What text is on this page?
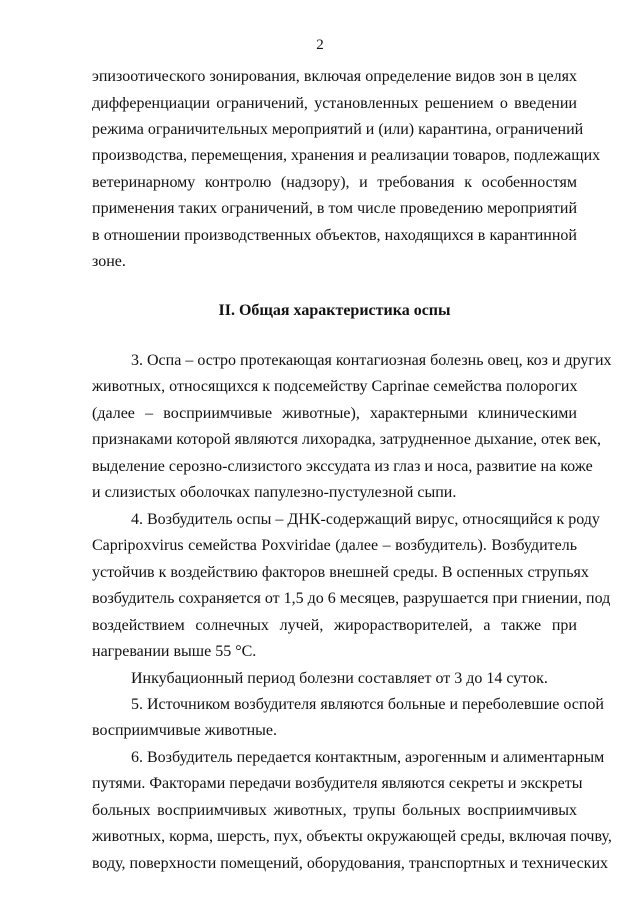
2
эпизоотического зонирования, включая определение видов зон в целях
дифференциации ограничений, установленных решением о введении
режима ограничительных мероприятий и (или) карантина, ограничений
производства, перемещения, хранения и реализации товаров, подлежащих
ветеринарному контролю (надзору), и требования к особенностям
применения таких ограничений, в том числе проведению мероприятий
в отношении производственных объектов, находящихся в карантинной
зоне.
II. Общая характеристика оспы
3. Оспа – остро протекающая контагиозная болезнь овец, коз и других
животных, относящихся к подсемейству Caprinae семейства полорогих
(далее – восприимчивые животные), характерными клиническими
признаками которой являются лихорадка, затрудненное дыхание, отек век,
выделение серозно-слизистого экссудата из глаз и носа, развитие на коже
и слизистых оболочках папулезно-пустулезной сыпи.
4. Возбудитель оспы – ДНК-содержащий вирус, относящийся к роду
Capripoxvirus семейства Poxviridae (далее – возбудитель). Возбудитель
устойчив к воздействию факторов внешней среды. В оспенных струпьях
возбудитель сохраняется от 1,5 до 6 месяцев, разрушается при гниении, под
воздействием солнечных лучей, жирорастворителей, а также при
нагревании выше 55 °С.
Инкубационный период болезни составляет от 3 до 14 суток.
5. Источником возбудителя являются больные и переболевшие оспой
восприимчивые животные.
6. Возбудитель передается контактным, аэрогенным и алиментарным
путями. Факторами передачи возбудителя являются секреты и экскреты
больных восприимчивых животных, трупы больных восприимчивых
животных, корма, шерсть, пух, объекты окружающей среды, включая почву,
воду, поверхности помещений, оборудования, транспортных и технических
